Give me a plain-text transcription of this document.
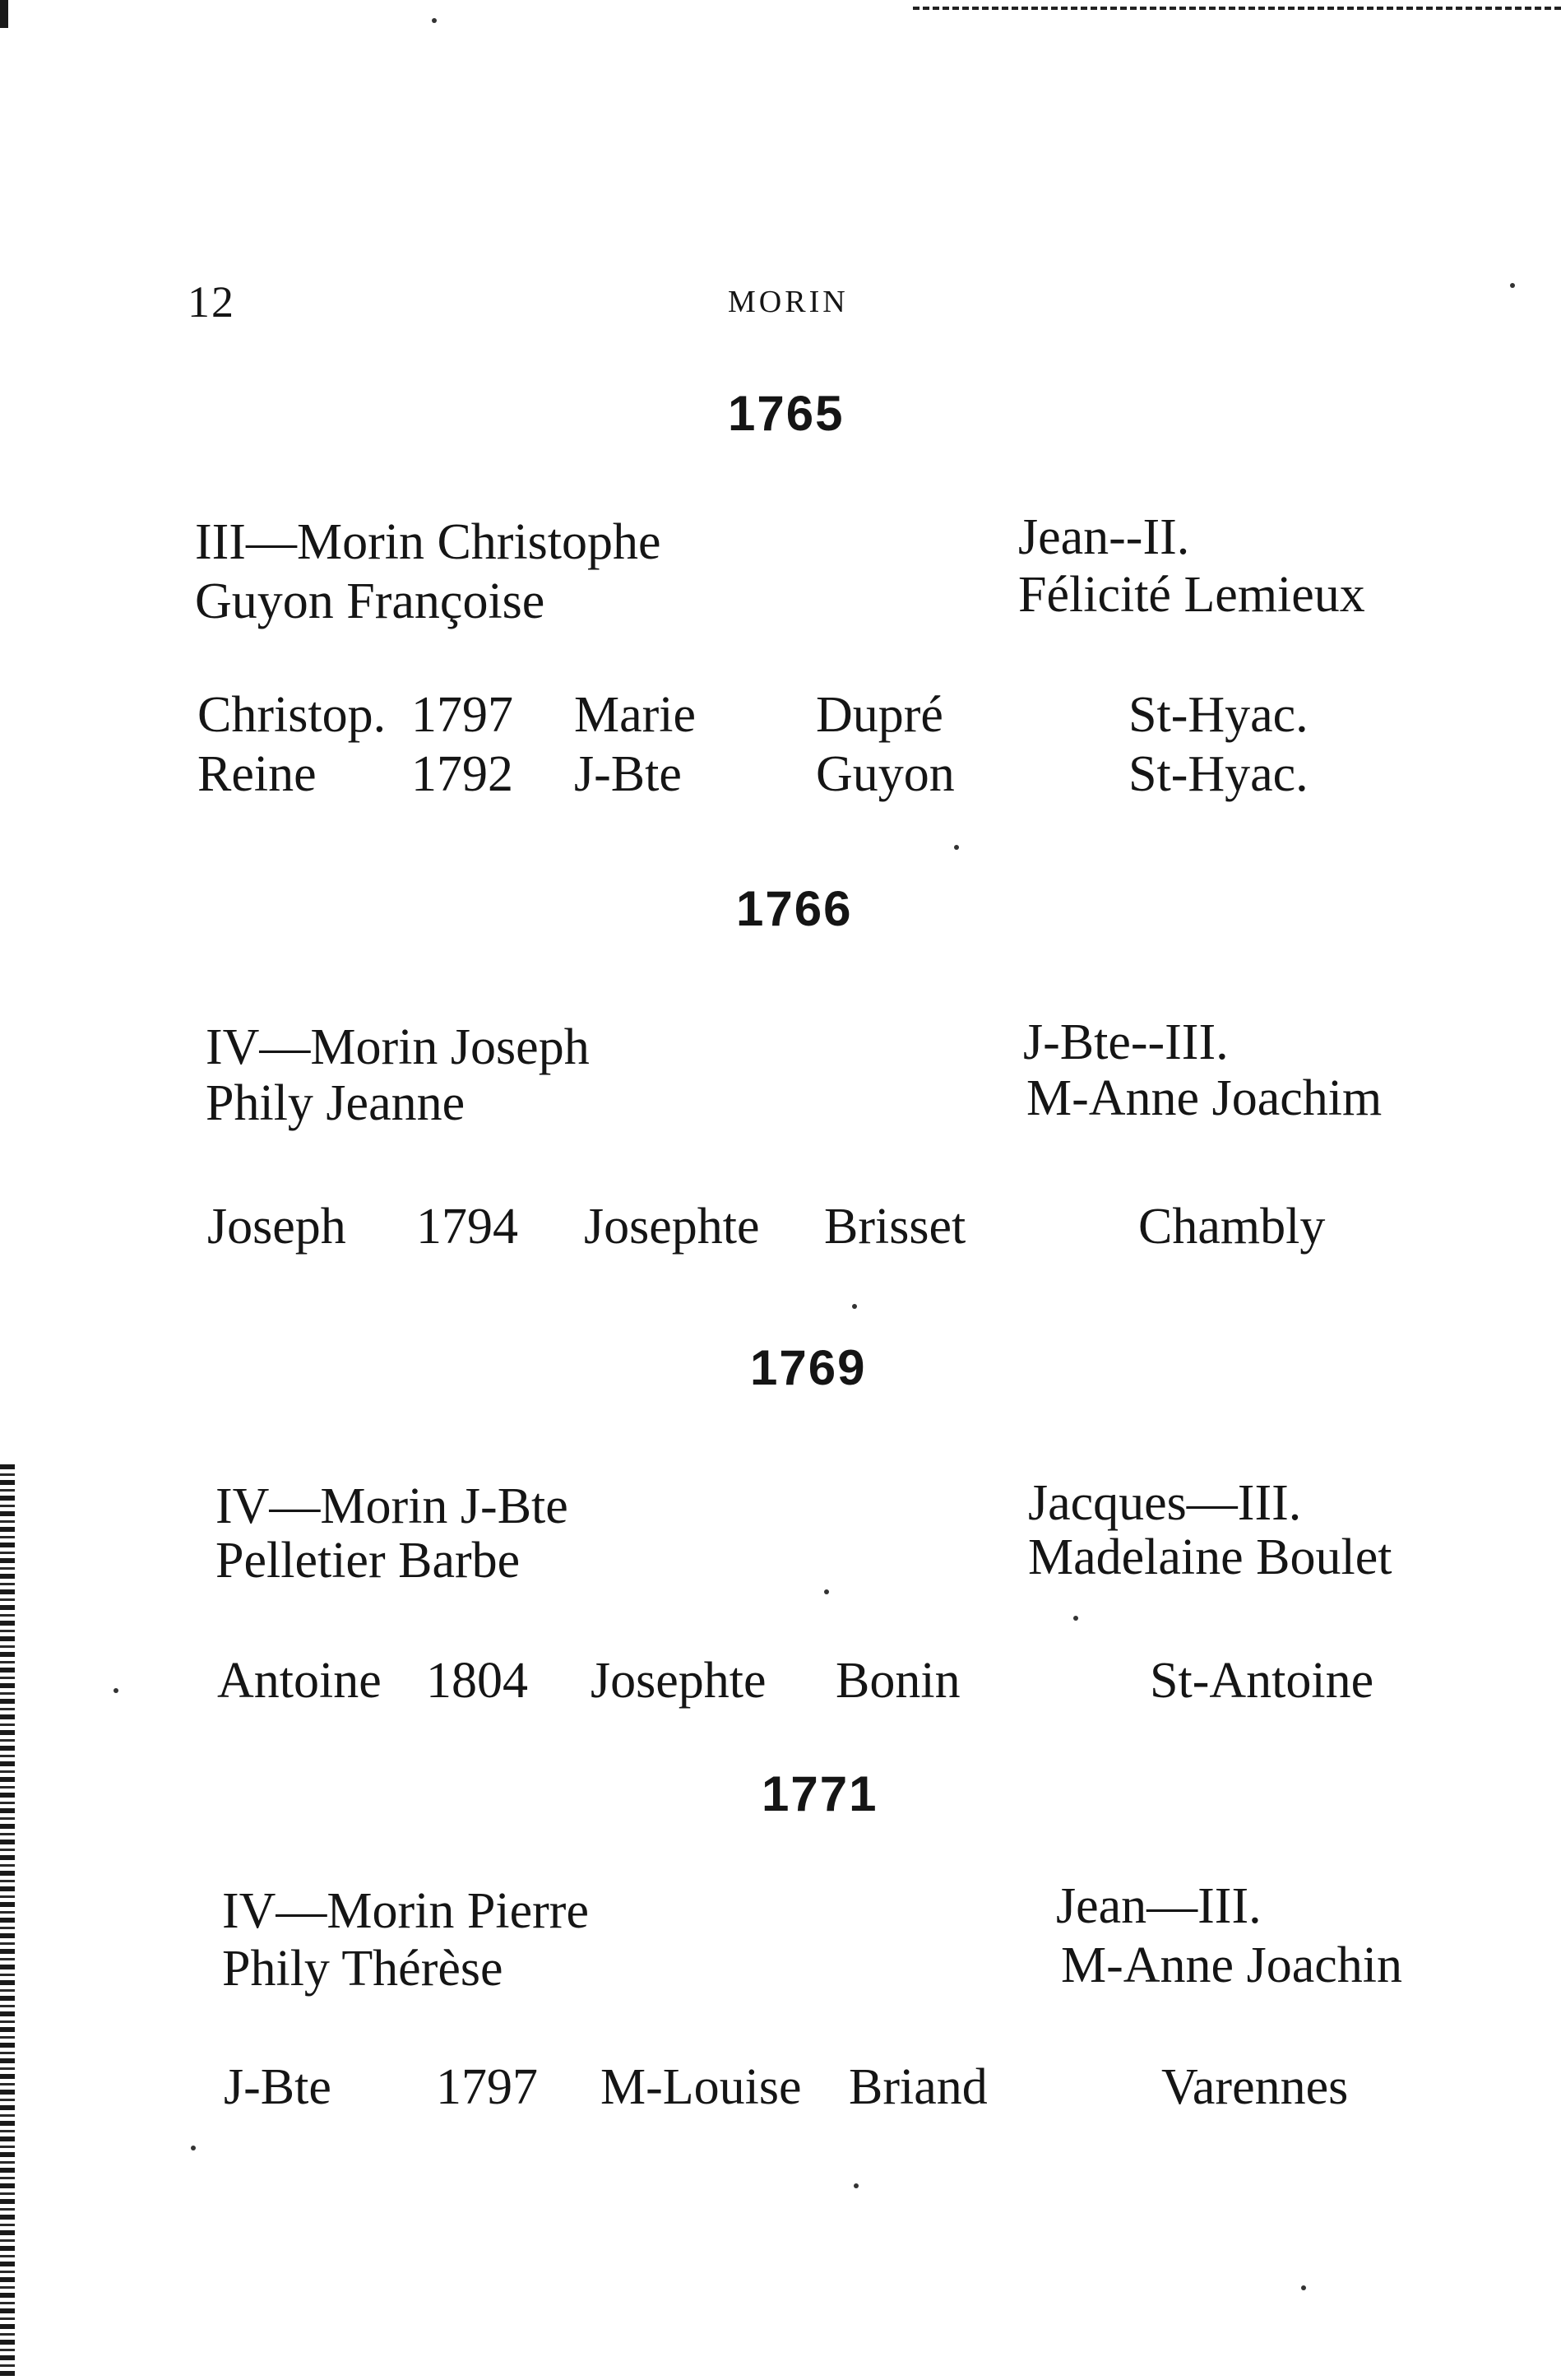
12	MORIN
1765
III—Morin Christophe
Guyon Françoise
Jean--II.
Félicité Lemieux
Christop. 1797 Marie Dupré	St-Hyac.
Reine 1792 J-Bte	Guyon	St-Hyac.
1766
IV—Morin Joseph
Phily Jeanne
J-Bte--III.
M-Anne Joachim
Joseph 1794 Josephte Brisset	Chambly
1769
IV—Morin J-Bte
Pelletier Barbe
Jacques—III.
Madelaine Boulet
Antoine 1804 Josephte Bonin	St-Antoine
1771
IV—Morin Pierre
Phily Thérèse
Jean—III.
M-Anne Joachin
J-Bte 1797 M-Louise Briand	Varennes
